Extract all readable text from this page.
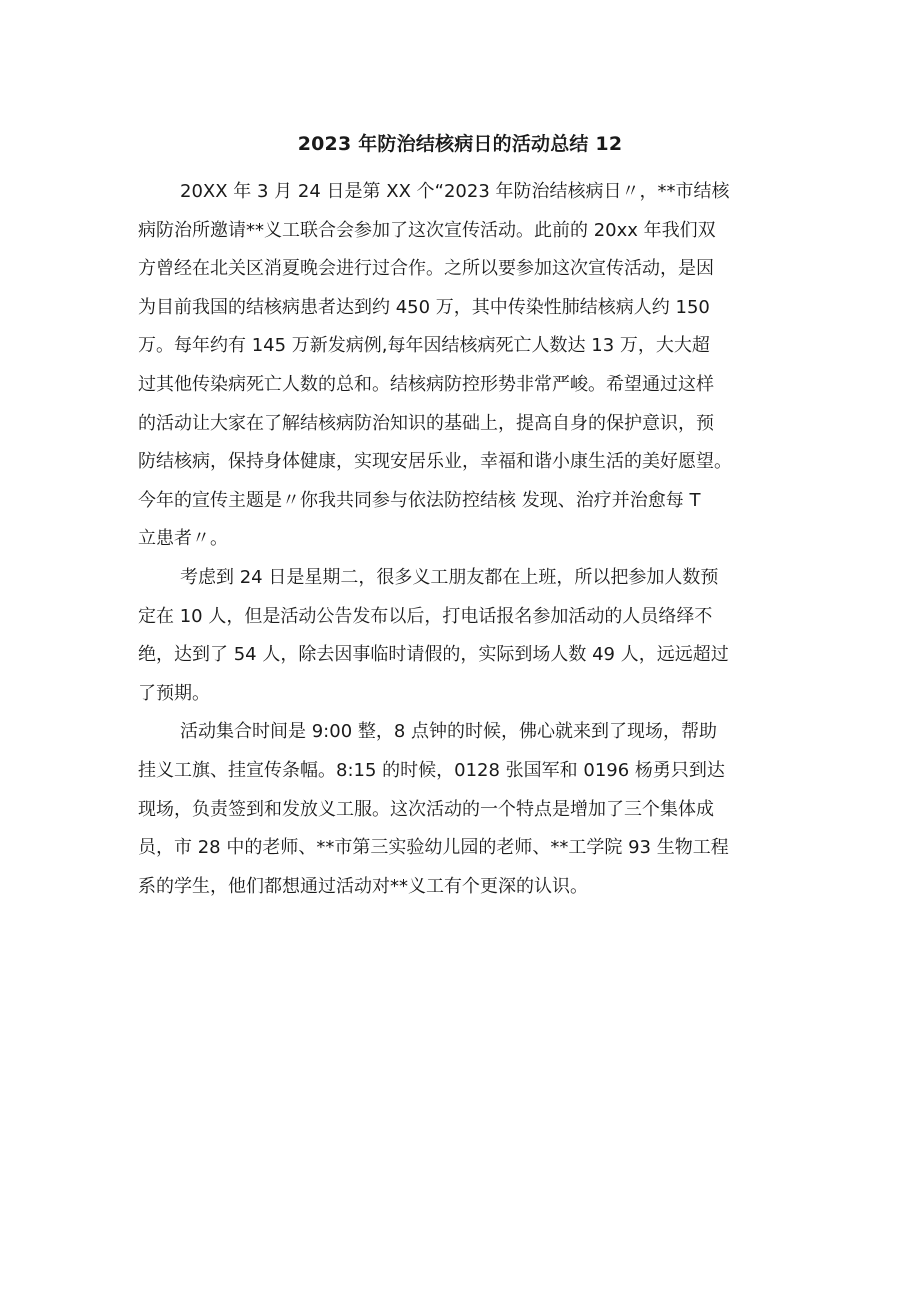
2023 年防治结核病日的活动总结 12
20XX 年 3 月 24 日是第 XX 个“2023 年防治结核病日〃，**市结核
病防治所邀请**义工联合会参加了这次宣传活动。此前的 20xx 年我们双
方曾经在北关区消夏晚会进行过合作。之所以要参加这次宣传活动，是因
为目前我国的结核病患者达到约 450 万，其中传染性肺结核病人约 150
万。每年约有 145 万新发病例,每年因结核病死亡人数达 13 万，大大超
过其他传染病死亡人数的总和。结核病防控形势非常严峻。希望通过这样
的活动让大家在了解结核病防治知识的基础上，提高自身的保护意识，预
防结核病，保持身体健康，实现安居乐业，幸福和谐小康生活的美好愿望。
今年的宣传主题是〃你我共同参与依法防控结核 发现、治疗并治愈每 T
立患者〃。
考虑到 24 日是星期二，很多义工朋友都在上班，所以把参加人数预
定在 10 人，但是活动公告发布以后，打电话报名参加活动的人员络绎不
绝，达到了 54 人，除去因事临时请假的，实际到场人数 49 人，远远超过
了预期。
活动集合时间是 9:00 整，8 点钟的时候，佛心就来到了现场，帮助
挂义工旗、挂宣传条幅。8:15 的时候，0128 张国军和 0196 杨勇只到达
现场，负责签到和发放义工服。这次活动的一个特点是增加了三个集体成
员，市 28 中的老师、**市第三实验幼儿园的老师、**工学院 93 生物工程
系的学生，他们都想通过活动对**义工有个更深的认识。
